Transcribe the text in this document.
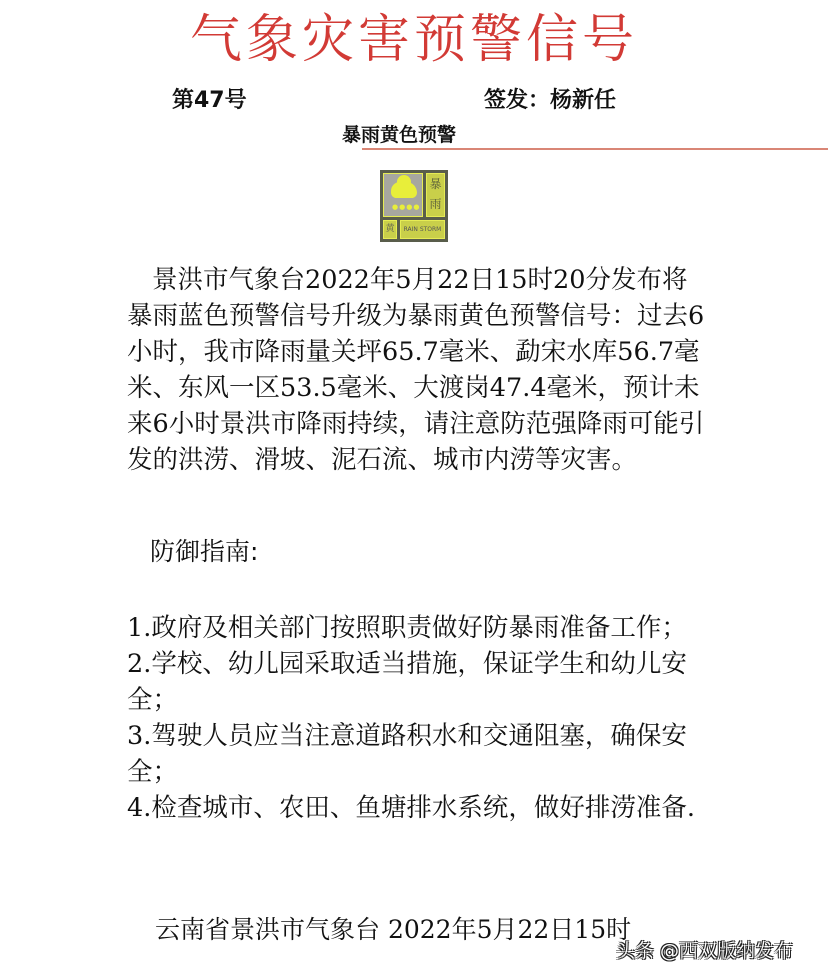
气象灾害预警信号
第47号	签发：杨新任
暴雨黄色预警
●●●●
暴
雨
黄	RAIN STORM
景洪市气象台2022年5月22日15时20分发布将暴雨蓝色预警信号升级为暴雨黄色预警信号：过去6小时，我市降雨量关坪65.7毫米、勐宋水库56.7毫米、东风一区53.5毫米、大渡岗47.4毫米，预计未来6小时景洪市降雨持续，请注意防范强降雨可能引发的洪涝、滑坡、泥石流、城市内涝等灾害。
防御指南:
1.政府及相关部门按照职责做好防暴雨准备工作；
2.学校、幼儿园采取适当措施，保证学生和幼儿安全；
3.驾驶人员应当注意道路积水和交通阻塞，确保安全；
4.检查城市、农田、鱼塘排水系统，做好排涝准备.
云南省景洪市气象台 2022年5月22日15时
头条 @西双版纳发布
